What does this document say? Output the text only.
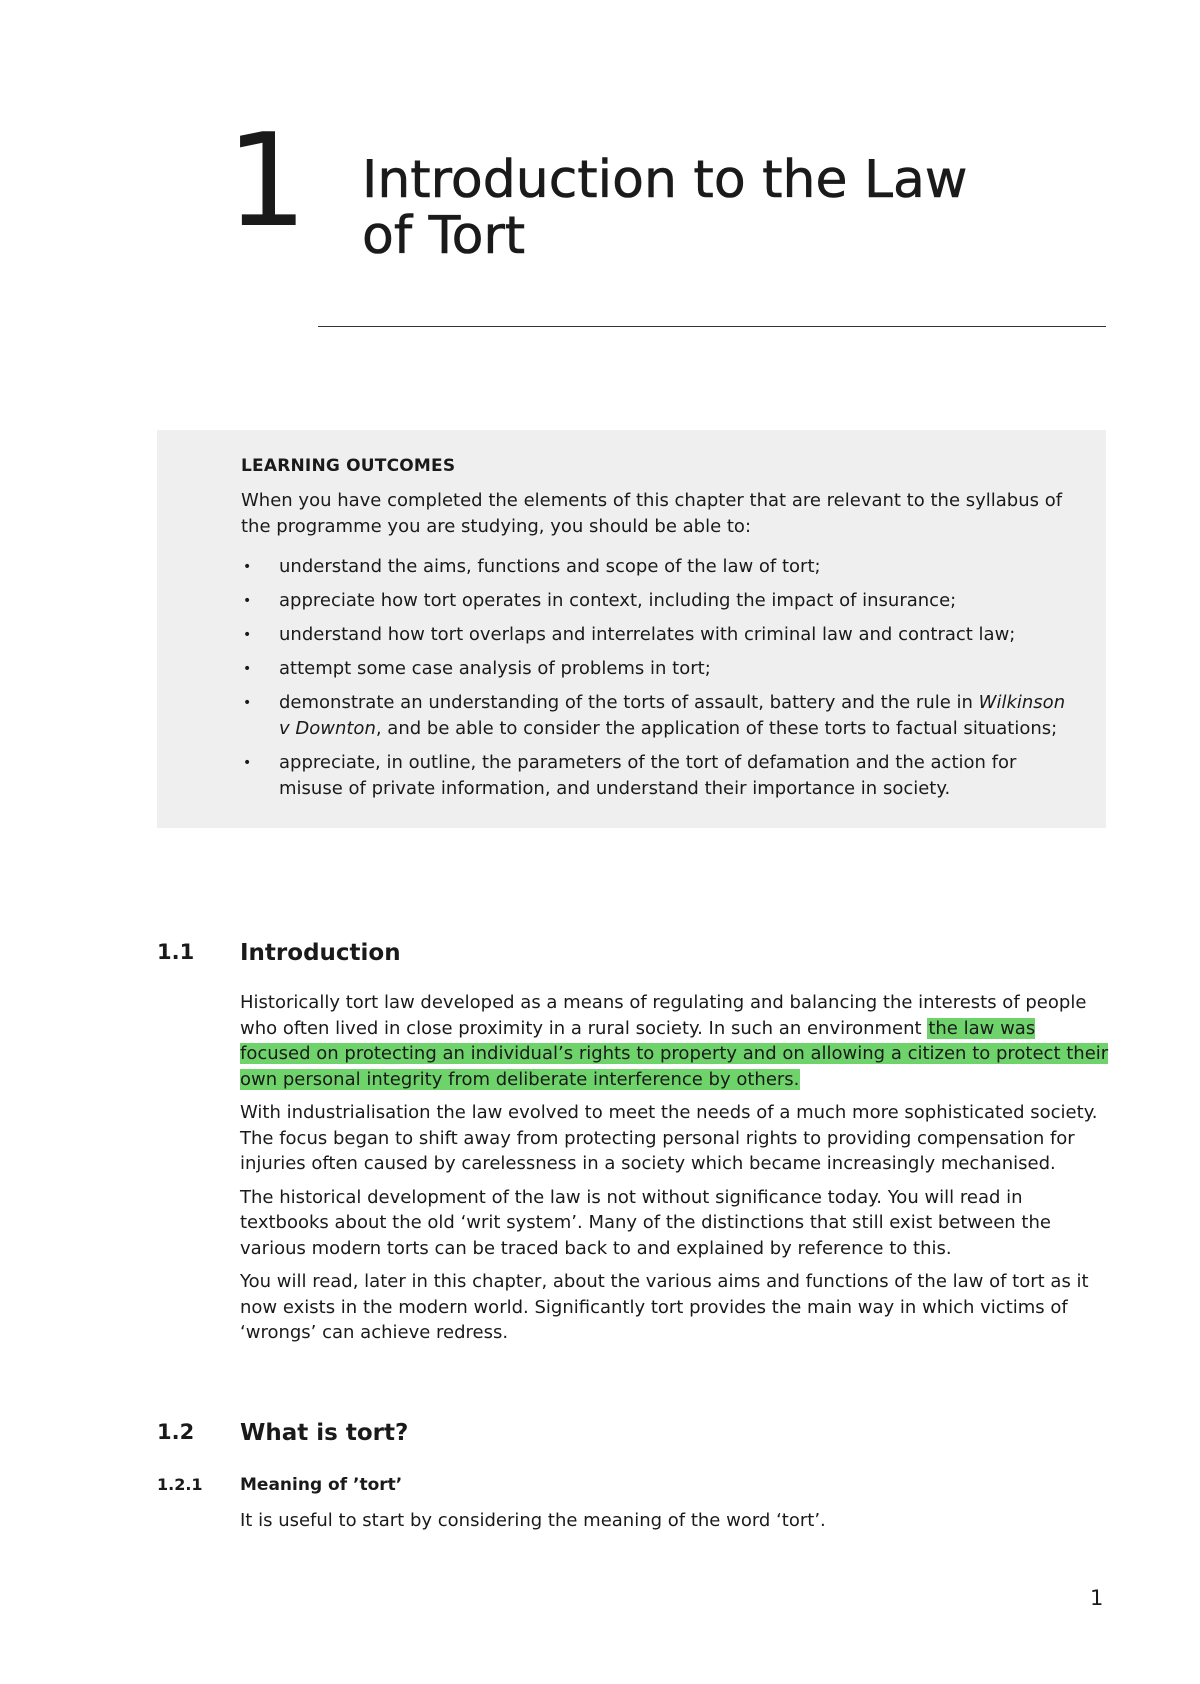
1 Introduction to the Law
of Tort
LEARNING OUTCOMES

When you have completed the elements of this chapter that are relevant to the syllabus of the programme you are studying, you should be able to:

• understand the aims, functions and scope of the law of tort;
• appreciate how tort operates in context, including the impact of insurance;
• understand how tort overlaps and interrelates with criminal law and contract law;
• attempt some case analysis of problems in tort;
• demonstrate an understanding of the torts of assault, battery and the rule in Wilkinson v Downton, and be able to consider the application of these torts to factual situations;
• appreciate, in outline, the parameters of the tort of defamation and the action for misuse of private information, and understand their importance in society.
1.1 Introduction

Historically tort law developed as a means of regulating and balancing the interests of people who often lived in close proximity in a rural society. In such an environment the law was focused on protecting an individual’s rights to property and on allowing a citizen to protect their own personal integrity from deliberate interference by others.

With industrialisation the law evolved to meet the needs of a much more sophisticated society. The focus began to shift away from protecting personal rights to providing compensation for injuries often caused by carelessness in a society which became increasingly mechanised.

The historical development of the law is not without significance today. You will read in textbooks about the old ‘writ system’. Many of the distinctions that still exist between the various modern torts can be traced back to and explained by reference to this.

You will read, later in this chapter, about the various aims and functions of the law of tort as it now exists in the modern world. Significantly tort provides the main way in which victims of ‘wrongs’ can achieve redress.

1.2 What is tort?
1.2.1 Meaning of ’tort’

It is useful to start by considering the meaning of the word ‘tort’.

1
